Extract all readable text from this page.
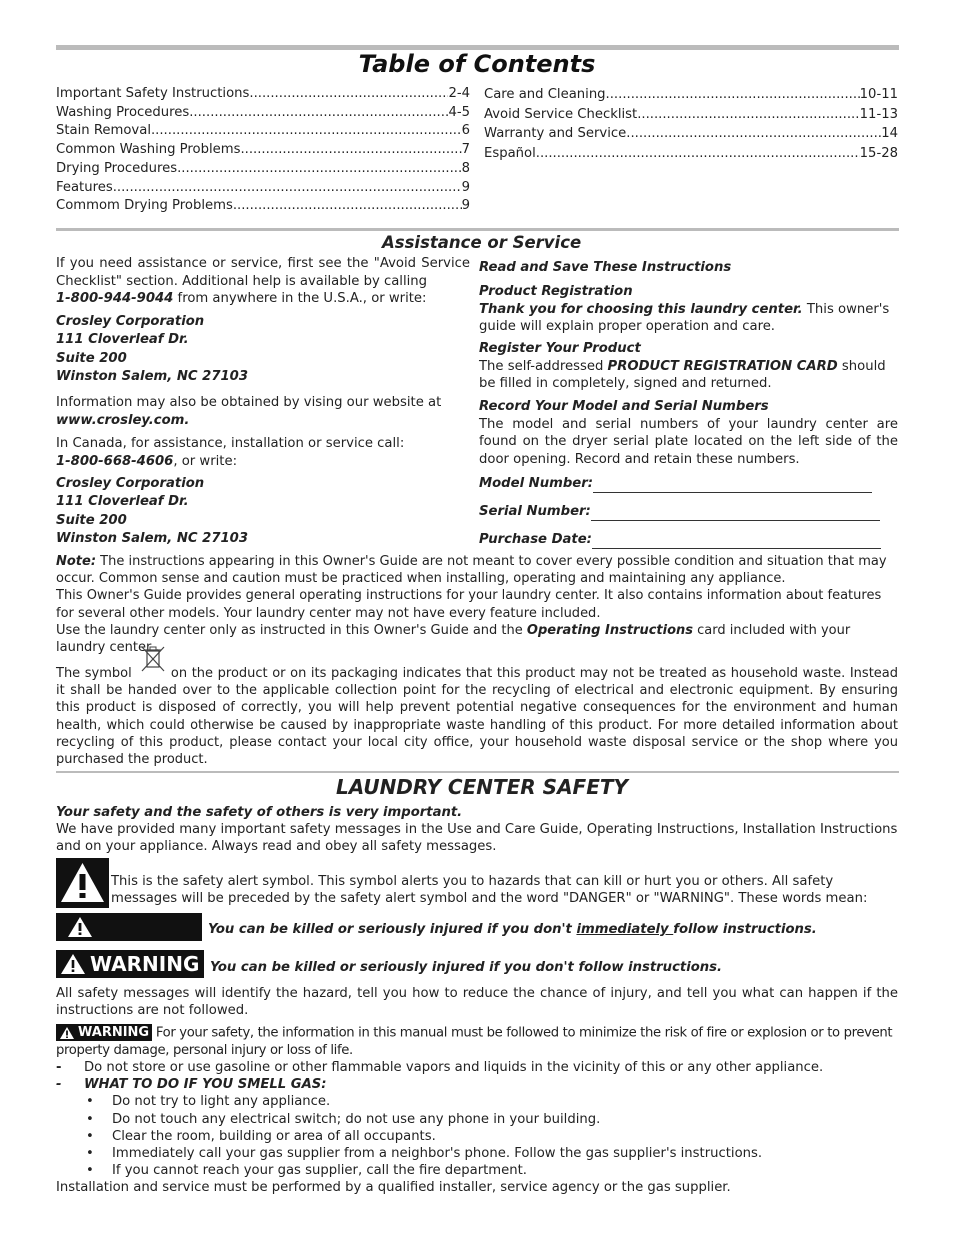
Table of Contents
Important Safety Instructions .....	2-4
Washing Procedures .....	4-5
Stain Removal .....	6
Common Washing Problems .....	7
Drying Procedures .....	8
Features .....	9
Commom Drying Problems .....	9
Care and Cleaning .....	10-11
Avoid Service Checklist .....	11-13
Warranty and Service .....	14
Español .....	15-28
Assistance or Service
If you need assistance or service, first see the "Avoid Service Checklist" section. Additional help is available by calling
1-800-944-9044 from anywhere in the U.S.A., or write:
Crosley Corporation
111 Cloverleaf Dr.
Suite 200
Winston Salem, NC 27103
Information may also be obtained by vising our website at
www.crosley.com.
In Canada, for assistance, installation or service call:
1-800-668-4606, or write:
Crosley Corporation
111 Cloverleaf Dr.
Suite 200
Winston Salem, NC 27103
Read and Save These Instructions
Product Registration
Thank you for choosing this laundry center. This owner's guide will explain proper operation and care.
Register Your Product
The self-addressed PRODUCT REGISTRATION CARD should be filled in completely, signed and returned.
Record Your Model and Serial Numbers
The model and serial numbers of your laundry center are found on the dryer serial plate located on the left side of the door opening. Record and retain these numbers.
Model Number:
Serial Number:
Purchase Date:
Note: The instructions appearing in this Owner's Guide are not meant to cover every possible condition and situation that may occur. Common sense and caution must be practiced when installing, operating and maintaining any appliance.
This Owner's Guide provides general operating instructions for your laundry center. It also contains information about features for several other models. Your laundry center may not have every feature included.
Use the laundry center only as instructed in this Owner's Guide and the Operating Instructions card included with your laundry center .
The symbol
on the product or on its packaging indicates that this product may not be treated as household waste. Instead it shall be handed over to the applicable collection point for the recycling of electrical and electronic equipment. By ensuring this product is disposed of correctly, you will help prevent potential negative consequences for the environment and human health, which could otherwise be caused by inappropriate waste handling of this product. For more detailed information about recycling of this product, please contact your local city office, your household waste disposal service or the shop where you purchased the product.
LAUNDRY CENTER SAFETY
Your safety and the safety of others is very important.
We have provided many important safety messages in the Use and Care Guide, Operating Instructions, Installation Instructions and on your appliance. Always read and obey all safety messages.
This is the safety alert symbol. This symbol alerts you to hazards that can kill or hurt you or others. All safety messages will be preceded by the safety alert symbol and the word "DANGER" or "WARNING". These words mean:
You can be killed or seriously injured if you don't immediately follow instructions.
WARNING You can be killed or seriously injured if you don't follow instructions.
All safety messages will identify the hazard, tell you how to reduce the chance of injury, and tell you what can happen if the instructions are not followed.
WARNING For your safety, the information in this manual must be followed to minimize the risk of fire or explosion or to prevent property damage, personal injury or loss of life.
- Do not store or use gasoline or other flammable vapors and liquids in the vicinity of this or any other appliance.
- WHAT TO DO IF YOU SMELL GAS:
• Do not try to light any appliance.
• Do not touch any electrical switch; do not use any phone in your building.
• Clear the room, building or area of all occupants.
• Immediately call your gas supplier from a neighbor's phone. Follow the gas supplier's instructions.
• If you cannot reach your gas supplier, call the fire department.
Installation and service must be performed by a qualified installer, service agency or the gas supplier.
